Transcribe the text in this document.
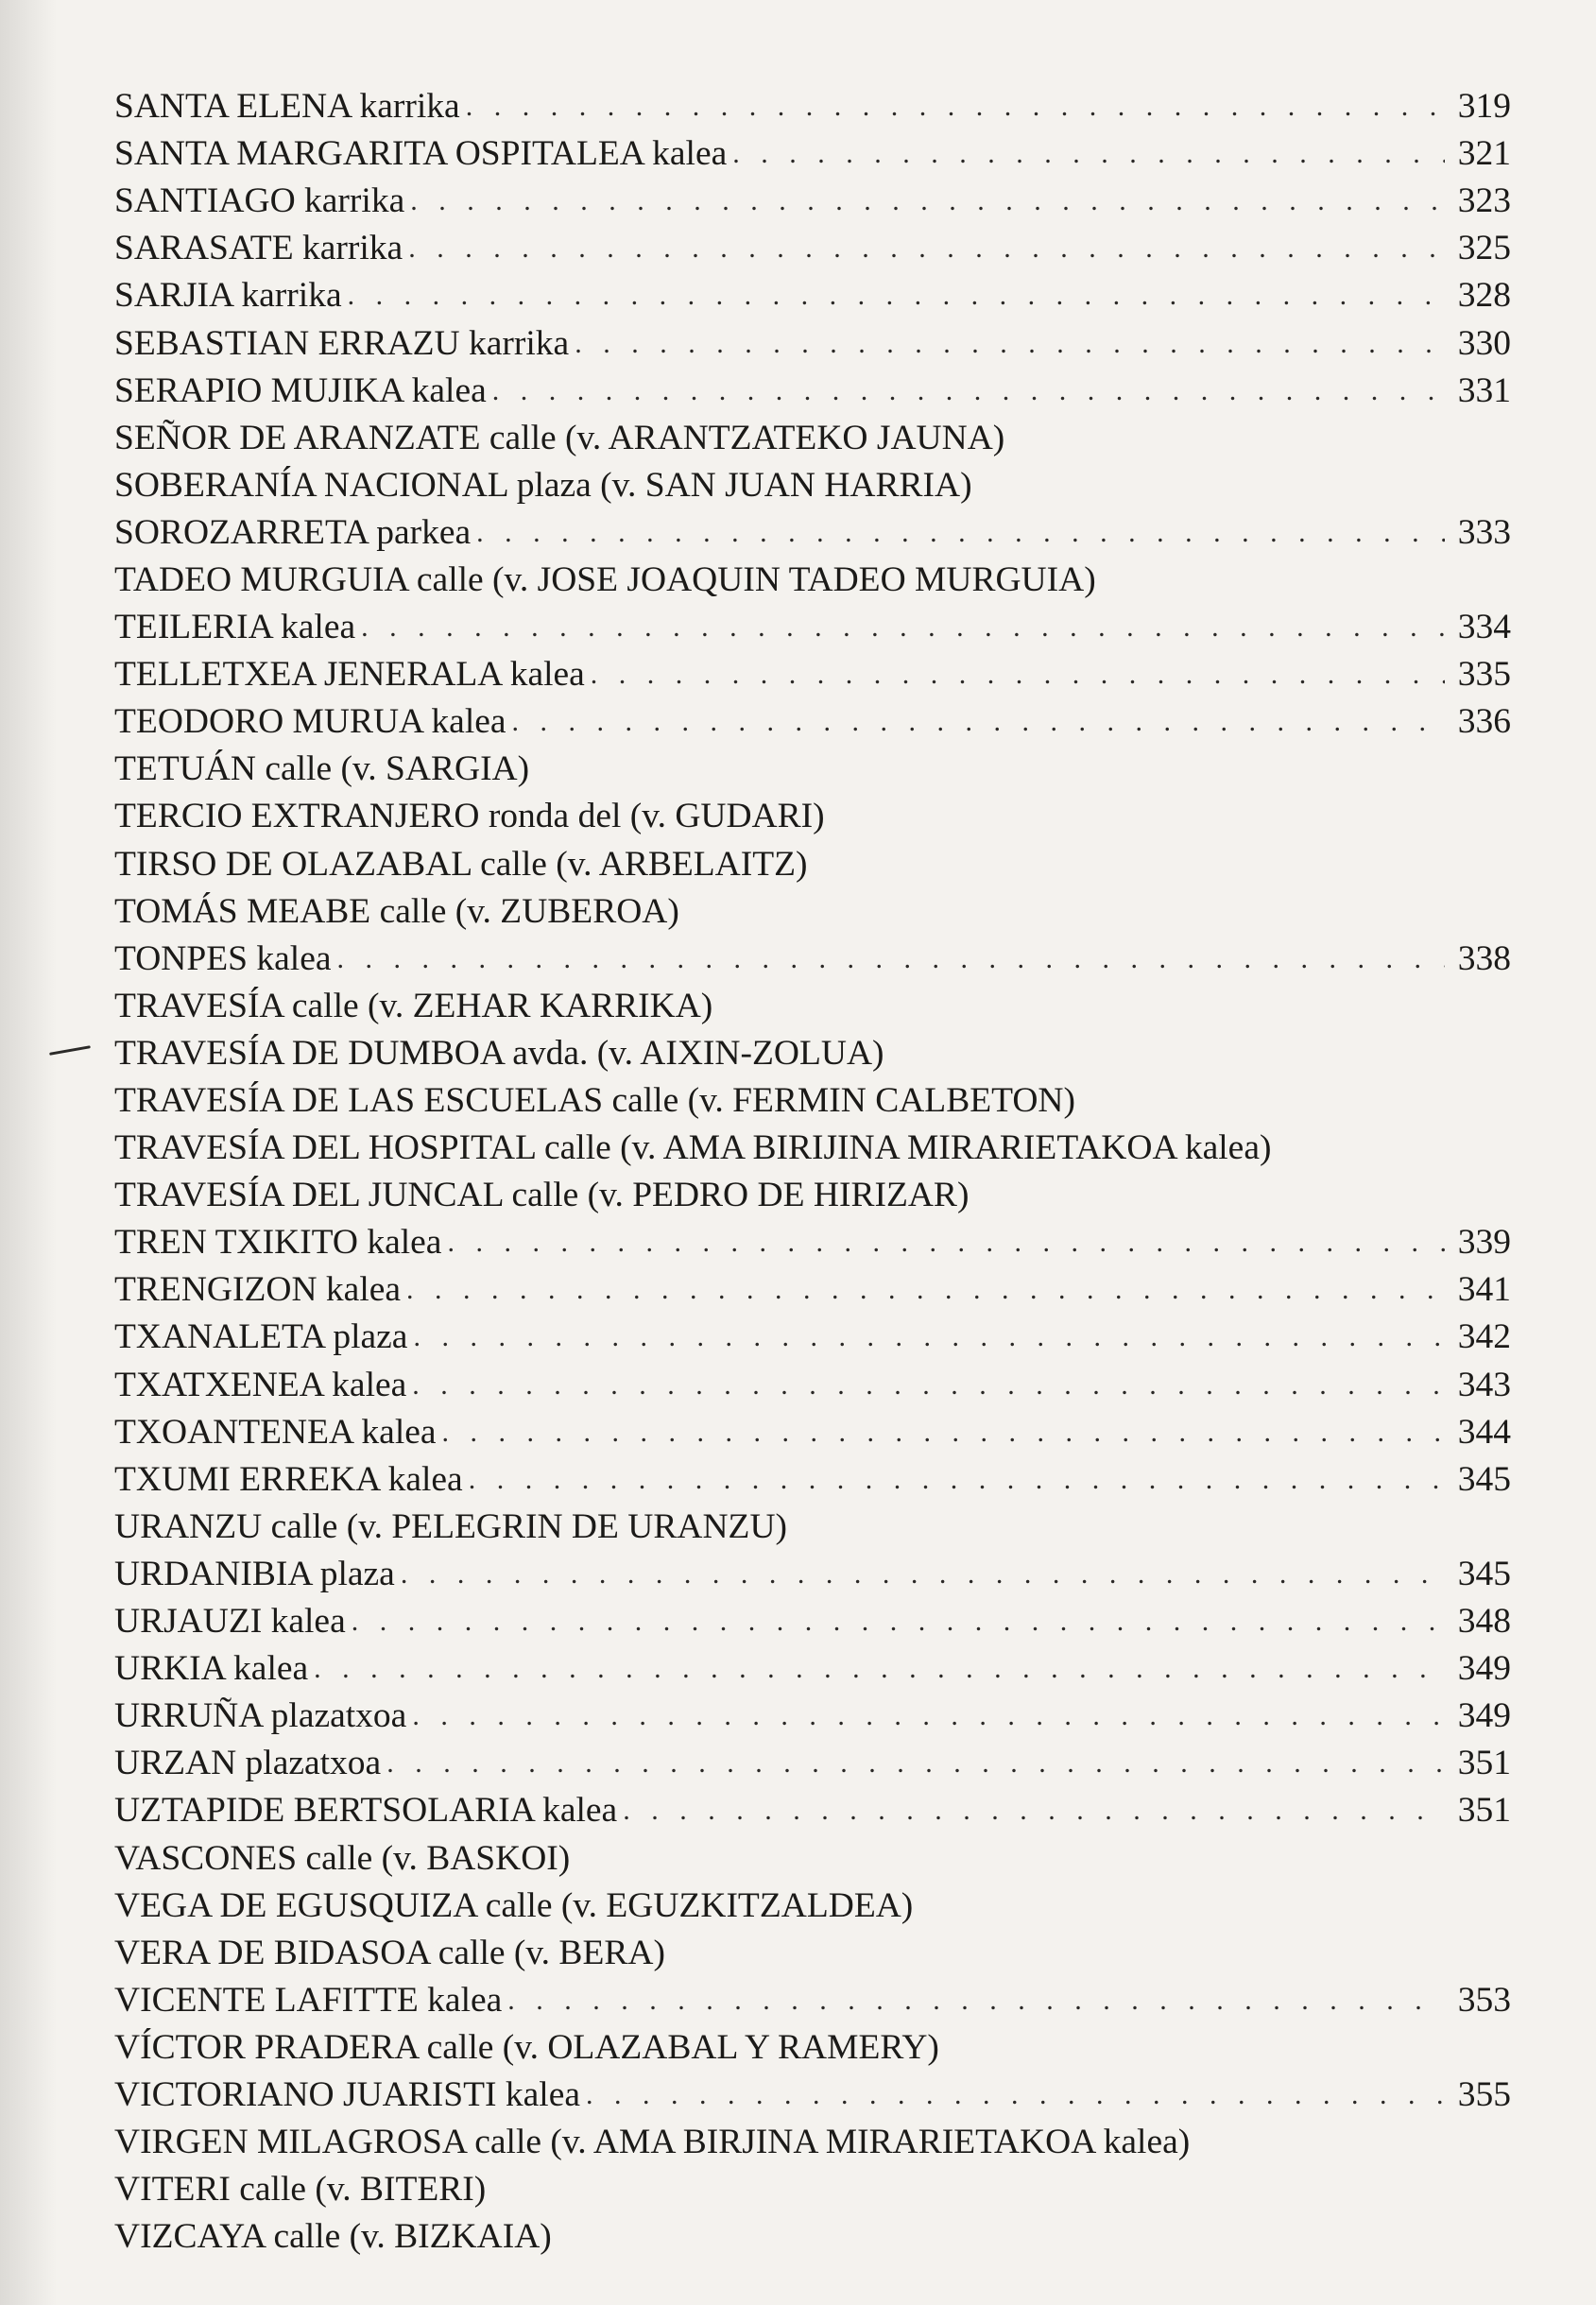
SANTA ELENA karrika . . .	319
SANTA MARGARITA OSPITALEA kalea . . .	321
SANTIAGO karrika . . .	323
SARASATE karrika . . .	325
SARJIA karrika . . .	328
SEBASTIAN ERRAZU karrika . . .	330
SERAPIO MUJIKA kalea . . .	331
SEÑOR DE ARANZATE calle (v. ARANTZATEKO JAUNA)
SOBERANÍA NACIONAL plaza (v. SAN JUAN HARRIA)
SOROZARRETA parkea . . .	333
TADEO MURGUIA calle (v. JOSE JOAQUIN TADEO MURGUIA)
TEILERIA kalea . . .	334
TELLETXEA JENERALA kalea . . .	335
TEODORO MURUA kalea . . .	336
TETUÁN calle (v. SARGIA)
TERCIO EXTRANJERO ronda del (v. GUDARI)
TIRSO DE OLAZABAL calle (v. ARBELAITZ)
TOMÁS MEABE calle (v. ZUBEROA)
TONPES kalea . . .	338
TRAVESÍA calle (v. ZEHAR KARRIKA)
TRAVESÍA DE DUMBOA avda. (v. AIXIN-ZOLUA)
TRAVESÍA DE LAS ESCUELAS calle (v. FERMIN CALBETON)
TRAVESÍA DEL HOSPITAL calle (v. AMA BIRIJINA MIRARIETAKOA kalea)
TRAVESÍA DEL JUNCAL calle (v. PEDRO DE HIRIZAR)
TREN TXIKITO kalea . . .	339
TRENGIZON kalea . . .	341
TXANALETA plaza . . .	342
TXATXENEA kalea . . .	343
TXOANTENEA kalea . . .	344
TXUMI ERREKA kalea . . .	345
URANZU calle (v. PELEGRIN DE URANZU)
URDANIBIA plaza . . .	345
URJAUZI kalea . . .	348
URKIA kalea . . .	349
URRUÑA plazatxoa . . .	349
URZAN plazatxoa . . .	351
UZTAPIDE BERTSOLARIA kalea . . .	351
VASCONES calle (v. BASKOI)
VEGA DE EGUSQUIZA calle (v. EGUZKITZALDEA)
VERA DE BIDASOA calle (v. BERA)
VICENTE LAFITTE kalea . . .	353
VÍCTOR PRADERA calle (v. OLAZABAL Y RAMERY)
VICTORIANO JUARISTI kalea . . .	355
VIRGEN MILAGROSA calle (v. AMA BIRJINA MIRARIETAKOA kalea)
VITERI calle (v. BITERI)
VIZCAYA calle (v. BIZKAIA)
